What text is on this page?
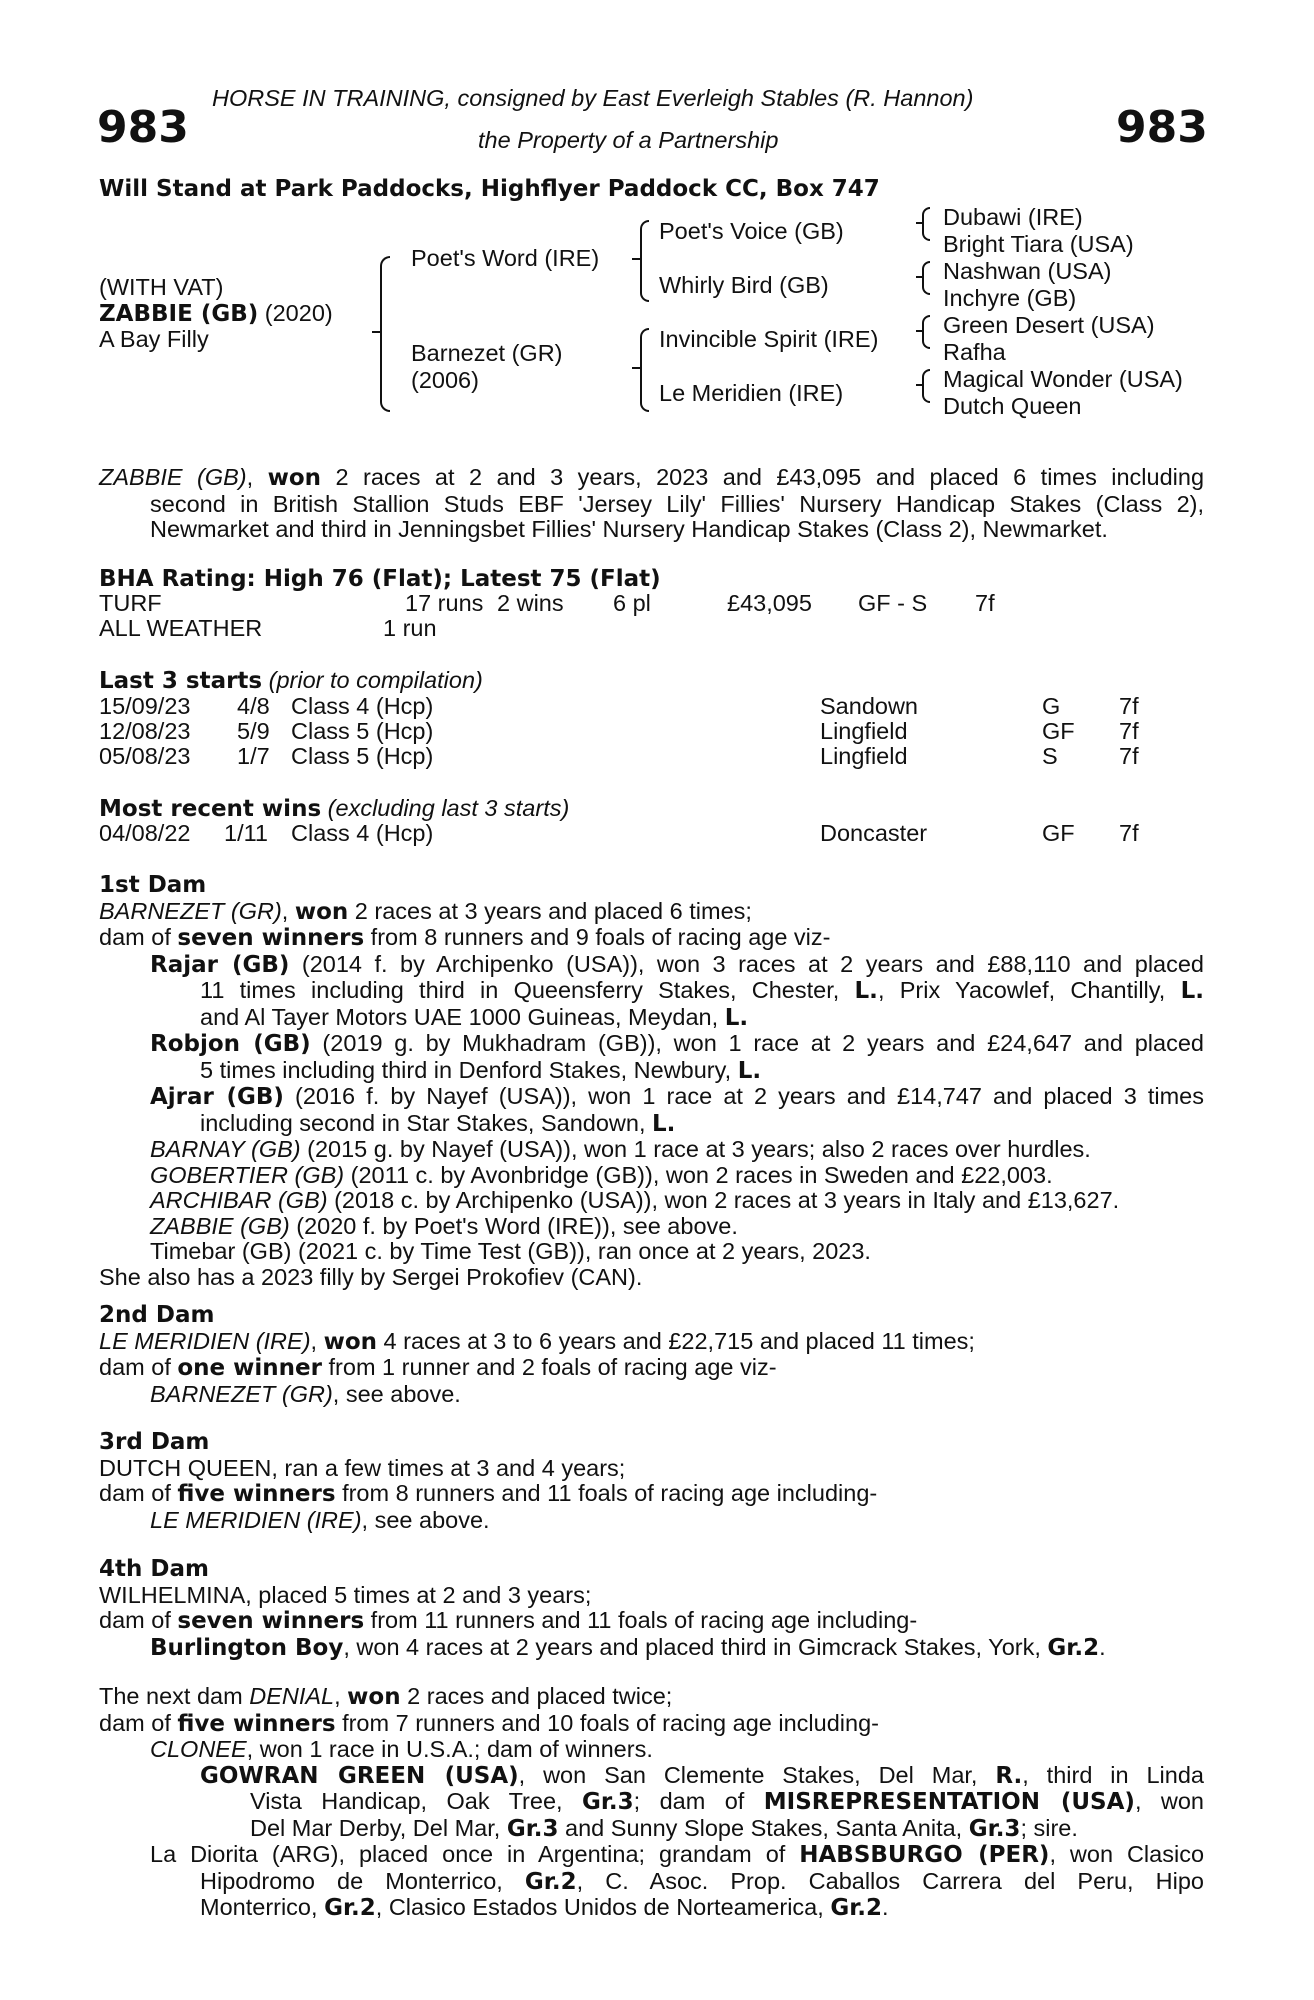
HORSE IN TRAINING, consigned by East Everleigh Stables (R. Hannon)
983	the Property of a Partnership	983
Will Stand at Park Paddocks, Highflyer Paddock CC, Box 747
(WITH VAT)
ZABBIE (GB) (2020)
A Bay Filly
Poet's Word (IRE)
Barnezet (GR)
(2006)
Poet's Voice (GB)
Whirly Bird (GB)
Invincible Spirit (IRE)
Le Meridien (IRE)
Dubawi (IRE)
Bright Tiara (USA)
Nashwan (USA)
Inchyre (GB)
Green Desert (USA)
Rafha
Magical Wonder (USA)
Dutch Queen
ZABBIE (GB), won 2 races at 2 and 3 years, 2023 and £43,095 and placed 6 times including
second in British Stallion Studs EBF 'Jersey Lily' Fillies' Nursery Handicap Stakes (Class 2),
Newmarket and third in Jenningsbet Fillies' Nursery Handicap Stakes (Class 2), Newmarket.
BHA Rating: High 76 (Flat); Latest 75 (Flat)
TURF	17 runs 2 wins 6 pl	£43,095 GF - S 7f
ALL WEATHER	1 run
Last 3 starts (prior to compilation)
15/09/23 4/8 Class 4 (Hcp)	Sandown	G 7f
12/08/23 5/9 Class 5 (Hcp)	Lingfield	GF 7f
05/08/23 1/7 Class 5 (Hcp)	Lingfield	S	7f
Most recent wins (excluding last 3 starts)
04/08/22 1/11 Class 4 (Hcp)	Doncaster	GF 7f
1st Dam
BARNEZET (GR), won 2 races at 3 years and placed 6 times;
dam of seven winners from 8 runners and 9 foals of racing age viz-
Rajar (GB) (2014 f. by Archipenko (USA)), won 3 races at 2 years and £88,110 and placed
11 times including third in Queensferry Stakes, Chester, L., Prix Yacowlef, Chantilly, L.
and Al Tayer Motors UAE 1000 Guineas, Meydan, L.
Robjon (GB) (2019 g. by Mukhadram (GB)), won 1 race at 2 years and £24,647 and placed
5 times including third in Denford Stakes, Newbury, L.
Ajrar (GB) (2016 f. by Nayef (USA)), won 1 race at 2 years and £14,747 and placed 3 times
including second in Star Stakes, Sandown, L.
BARNAY (GB) (2015 g. by Nayef (USA)), won 1 race at 3 years; also 2 races over hurdles.
GOBERTIER (GB) (2011 c. by Avonbridge (GB)), won 2 races in Sweden and £22,003.
ARCHIBAR (GB) (2018 c. by Archipenko (USA)), won 2 races at 3 years in Italy and £13,627.
ZABBIE (GB) (2020 f. by Poet's Word (IRE)), see above.
Timebar (GB) (2021 c. by Time Test (GB)), ran once at 2 years, 2023.
She also has a 2023 filly by Sergei Prokofiev (CAN).
2nd Dam
LE MERIDIEN (IRE), won 4 races at 3 to 6 years and £22,715 and placed 11 times;
dam of one winner from 1 runner and 2 foals of racing age viz-
BARNEZET (GR), see above.
3rd Dam
DUTCH QUEEN, ran a few times at 3 and 4 years;
dam of five winners from 8 runners and 11 foals of racing age including-
LE MERIDIEN (IRE), see above.
4th Dam
WILHELMINA, placed 5 times at 2 and 3 years;
dam of seven winners from 11 runners and 11 foals of racing age including-
Burlington Boy, won 4 races at 2 years and placed third in Gimcrack Stakes, York, Gr.2.
The next dam DENIAL, won 2 races and placed twice;
dam of five winners from 7 runners and 10 foals of racing age including-
CLONEE, won 1 race in U.S.A.; dam of winners.
GOWRAN GREEN (USA), won San Clemente Stakes, Del Mar, R., third in Linda
Vista Handicap, Oak Tree, Gr.3; dam of MISREPRESENTATION (USA), won
Del Mar Derby, Del Mar, Gr.3 and Sunny Slope Stakes, Santa Anita, Gr.3; sire.
La Diorita (ARG), placed once in Argentina; grandam of HABSBURGO (PER), won Clasico
Hipodromo de Monterrico, Gr.2, C. Asoc. Prop. Caballos Carrera del Peru, Hipo
Monterrico, Gr.2, Clasico Estados Unidos de Norteamerica, Gr.2.
